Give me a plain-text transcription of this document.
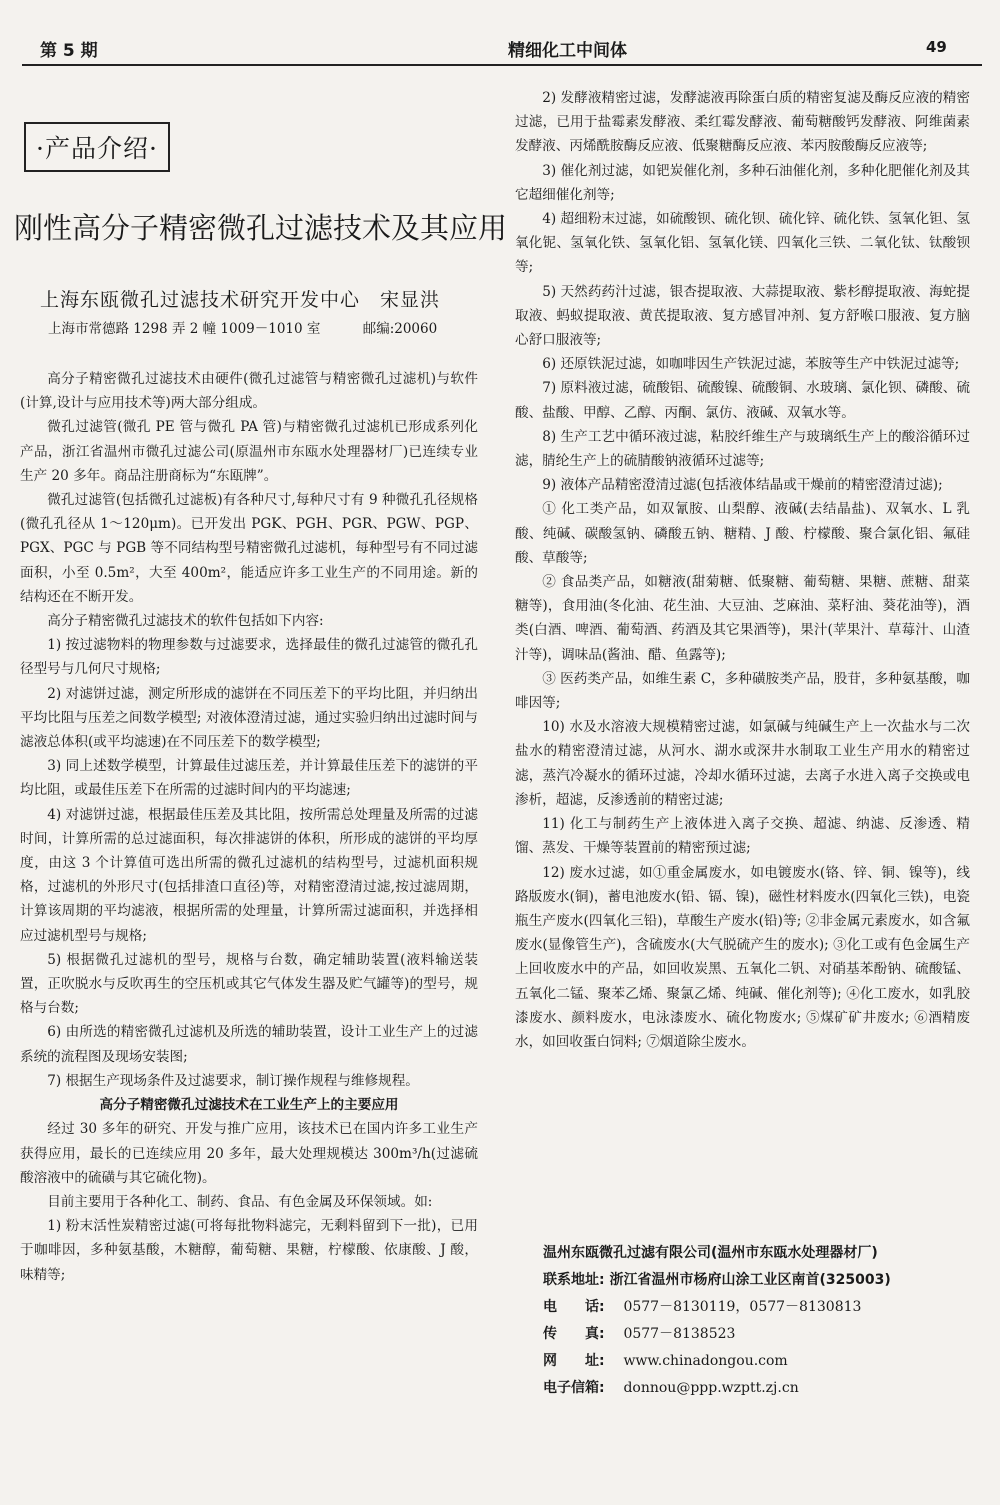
第 5 期	精细化工中间体	49
·产品介绍·
刚性高分子精密微孔过滤技术及其应用
上海东瓯微孔过滤技术研究开发中心　宋显洪
上海市常德路 1298 弄 2 幢 1009－1010 室	邮编:20060

高分子精密微孔过滤技术由硬件(微孔过滤管与精密微孔过滤机)与软件(计算,设计与应用技术等)两大部分组成。

微孔过滤管(微孔 PE 管与微孔 PA 管)与精密微孔过滤机已形成系列化产品，浙江省温州市微孔过滤公司(原温州市东瓯水处理器材厂)已连续专业生产 20 多年。商品注册商标为“东瓯牌”。

微孔过滤管(包括微孔过滤板)有各种尺寸,每种尺寸有 9 种微孔孔径规格(微孔孔径从 1～120μm)。已开发出 PGK、PGH、PGR、PGW、PGP、PGX、PGC 与 PGB 等不同结构型号精密微孔过滤机，每种型号有不同过滤面积，小至 0.5m²，大至 400m²，能适应许多工业生产的不同用途。新的结构还在不断开发。

高分子精密微孔过滤技术的软件包括如下内容:

1) 按过滤物料的物理参数与过滤要求，选择最佳的微孔过滤管的微孔孔径型号与几何尺寸规格;

2) 对滤饼过滤，测定所形成的滤饼在不同压差下的平均比阻，并归纳出平均比阻与压差之间数学模型; 对液体澄清过滤，通过实验归纳出过滤时间与滤液总体积(或平均滤速)在不同压差下的数学模型;

3) 同上述数学模型，计算最佳过滤压差，并计算最佳压差下的滤饼的平均比阻，或最佳压差下在所需的过滤时间内的平均滤速;

4) 对滤饼过滤，根据最佳压差及其比阻，按所需总处理量及所需的过滤时间，计算所需的总过滤面积，每次排滤饼的体积，所形成的滤饼的平均厚度，由这 3 个计算值可选出所需的微孔过滤机的结构型号，过滤机面积规格，过滤机的外形尺寸(包括排渣口直径)等，对精密澄清过滤,按过滤周期，计算该周期的平均滤液，根据所需的处理量，计算所需过滤面积，并选择相应过滤机型号与规格;

5) 根据微孔过滤机的型号，规格与台数，确定辅助装置(液料输送装置，正吹脱水与反吹再生的空压机或其它气体发生器及贮气罐等)的型号，规格与台数;

6) 由所选的精密微孔过滤机及所选的辅助装置，设计工业生产上的过滤系统的流程图及现场安装图;

7) 根据生产现场条件及过滤要求，制订操作规程与维修规程。

高分子精密微孔过滤技术在工业生产上的主要应用

经过 30 多年的研究、开发与推广应用，该技术已在国内许多工业生产获得应用，最长的已连续应用 20 多年，最大处理规模达 300m³/h(过滤硫酸溶液中的硫磺与其它硫化物)。

目前主要用于各种化工、制药、食品、有色金属及环保领域。如:

1) 粉末活性炭精密过滤(可将每批物料滤完，无剩料留到下一批)，已用于咖啡因，多种氨基酸，木糖醇，葡萄糖、果糖，柠檬酸、依康酸、J 酸，味精等;

2) 发酵液精密过滤，发酵滤液再除蛋白质的精密复滤及酶反应液的精密过滤，已用于盐霉素发酵液、柔红霉发酵液、葡萄糖酸钙发酵液、阿维菌素发酵液、丙烯酰胺酶反应液、低聚糖酶反应液、苯丙胺酸酶反应液等;

3) 催化剂过滤，如钯炭催化剂，多种石油催化剂，多种化肥催化剂及其它超细催化剂等;

4) 超细粉末过滤，如硫酸钡、硫化钡、硫化锌、硫化铁、氢氧化钽、氢氧化铌、氢氧化铁、氢氧化铝、氢氧化镁、四氧化三铁、二氧化钛、钛酸钡等;

5) 天然药药汁过滤，银杏提取液、大蒜提取液、紫杉醇提取液、海蛇提取液、蚂蚁提取液、黄芪提取液、复方感冒冲剂、复方舒喉口服液、复方脑心舒口服液等;

6) 还原铁泥过滤，如咖啡因生产铁泥过滤，苯胺等生产中铁泥过滤等;

7) 原料液过滤，硫酸铝、硫酸镍、硫酸铜、水玻璃、氯化钡、磷酸、硫酸、盐酸、甲醇、乙醇、丙酮、氯仿、液碱、双氧水等。

8) 生产工艺中循环液过滤，粘胶纤维生产与玻璃纸生产上的酸浴循环过滤，腈纶生产上的硫腈酸钠液循环过滤等;

9) 液体产品精密澄清过滤(包括液体结晶或干燥前的精密澄清过滤);

① 化工类产品，如双氰胺、山梨醇、液碱(去结晶盐)、双氧水、L 乳酸、纯碱、碳酸氢钠、磷酸五钠、糖精、J 酸、柠檬酸、聚合氯化铝、氟硅酸、草酸等;

② 食品类产品，如糖液(甜菊糖、低聚糖、葡萄糖、果糖、蔗糖、甜菜糖等)，食用油(冬化油、花生油、大豆油、芝麻油、菜籽油、葵花油等)，酒类(白酒、啤酒、葡萄酒、药酒及其它果酒等)，果汁(苹果汁、草莓汁、山渣汁等)，调味品(酱油、醋、鱼露等);

③ 医药类产品，如维生素 C，多种磺胺类产品，股苷，多种氨基酸，咖啡因等;

10) 水及水溶液大规模精密过滤，如氯碱与纯碱生产上一次盐水与二次盐水的精密澄清过滤，从河水、湖水或深井水制取工业生产用水的精密过滤，蒸汽冷凝水的循环过滤，冷却水循环过滤，去离子水进入离子交换或电渗析，超滤，反渗透前的精密过滤;

11) 化工与制药生产上液体进入离子交换、超滤、纳滤、反渗透、精馏、蒸发、干燥等装置前的精密预过滤;

12) 废水过滤，如①重金属废水，如电镀废水(铬、锌、铜、镍等)，线路版废水(铜)，蓄电池废水(铅、镉、镍)，磁性材料废水(四氧化三铁)，电瓷瓶生产废水(四氧化三铅)，草酸生产废水(铅)等; ②非金属元素废水，如含氟废水(显像管生产)，含硫废水(大气脱硫产生的废水); ③化工或有色金属生产上回收废水中的产品，如回收炭黑、五氧化二钒、对硝基苯酚钠、硫酸锰、五氧化二锰、聚苯乙烯、聚氯乙烯、纯碱、催化剂等); ④化工废水，如乳胶漆废水、颜料废水，电泳漆废水、硫化物废水; ⑤煤矿矿井废水; ⑥酒精废水，如回收蛋白饲料; ⑦烟道除尘废水。

温州东瓯微孔过滤有限公司(温州市东瓯水处理器材厂)
联系地址: 浙江省温州市杨府山涂工业区南首(325003)
电　　话: 0577－8130119，0577－8130813
传　　真: 0577－8138523
网　　址: www.chinadongou.com
电子信箱: donnou@ppp.wzptt.zj.cn
